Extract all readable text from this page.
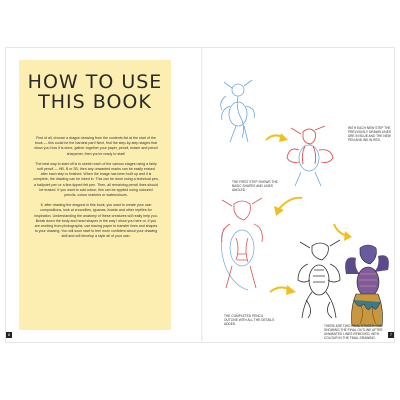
HOW TO USE
THIS BOOK

First of all, choose a dragon drawing from the contents list at the start of the book — this could be the hardest part! Next, find the step-by-step stages that show you how it is done, gather together your paper, pencil, eraser and pencil sharpener, then you're ready to start!

The best way to start off is to sketch each of the various stages using a fairly soft pencil — HB, B or 2B, then any unwanted marks can be easily erased after each step is finished. When the image has been built up and it is complete, the drawing can be inked in. This can be done using a technical pen, a ballpoint pen or a fine-tipped felt pen. Then, all remaining pencil lines should be erased. If you want to add colour, this can be applied using coloured pencils, colour markers or watercolours.

If, after drawing the dragons in this book, you want to create your own compositions, look at crocodiles, iguanas, lizards and other reptiles for inspiration. Understanding the anatomy of these creatures will really help you. Break down the body and head shapes in the way I show you here or, if you are working from photographs, use tracing paper to transfer lines and shapes to your drawing. You will soon start to feel more confident about your drawing skill and will develop a style all of your own.

6
THE FIRST STEP SHOWS THE BASIC SHAPES AND LINES ANGLED.
WITH EACH NEW STEP THE PREVIOUSLY DRAWN LINES ARE IN BLUE AND THE NEW PEN AND INK IN RED.
THE COMPLETED PENCIL OUTLINE WITH ALL THE DETAILS ADDED.	THERE ARE TWO FINAL STAGES: ONE SHOWING THE FINAL OUTLINE AFTER UNWANTED LINES REMOVED, WITH COLOUR IN THE FINAL DRAWING.
7
